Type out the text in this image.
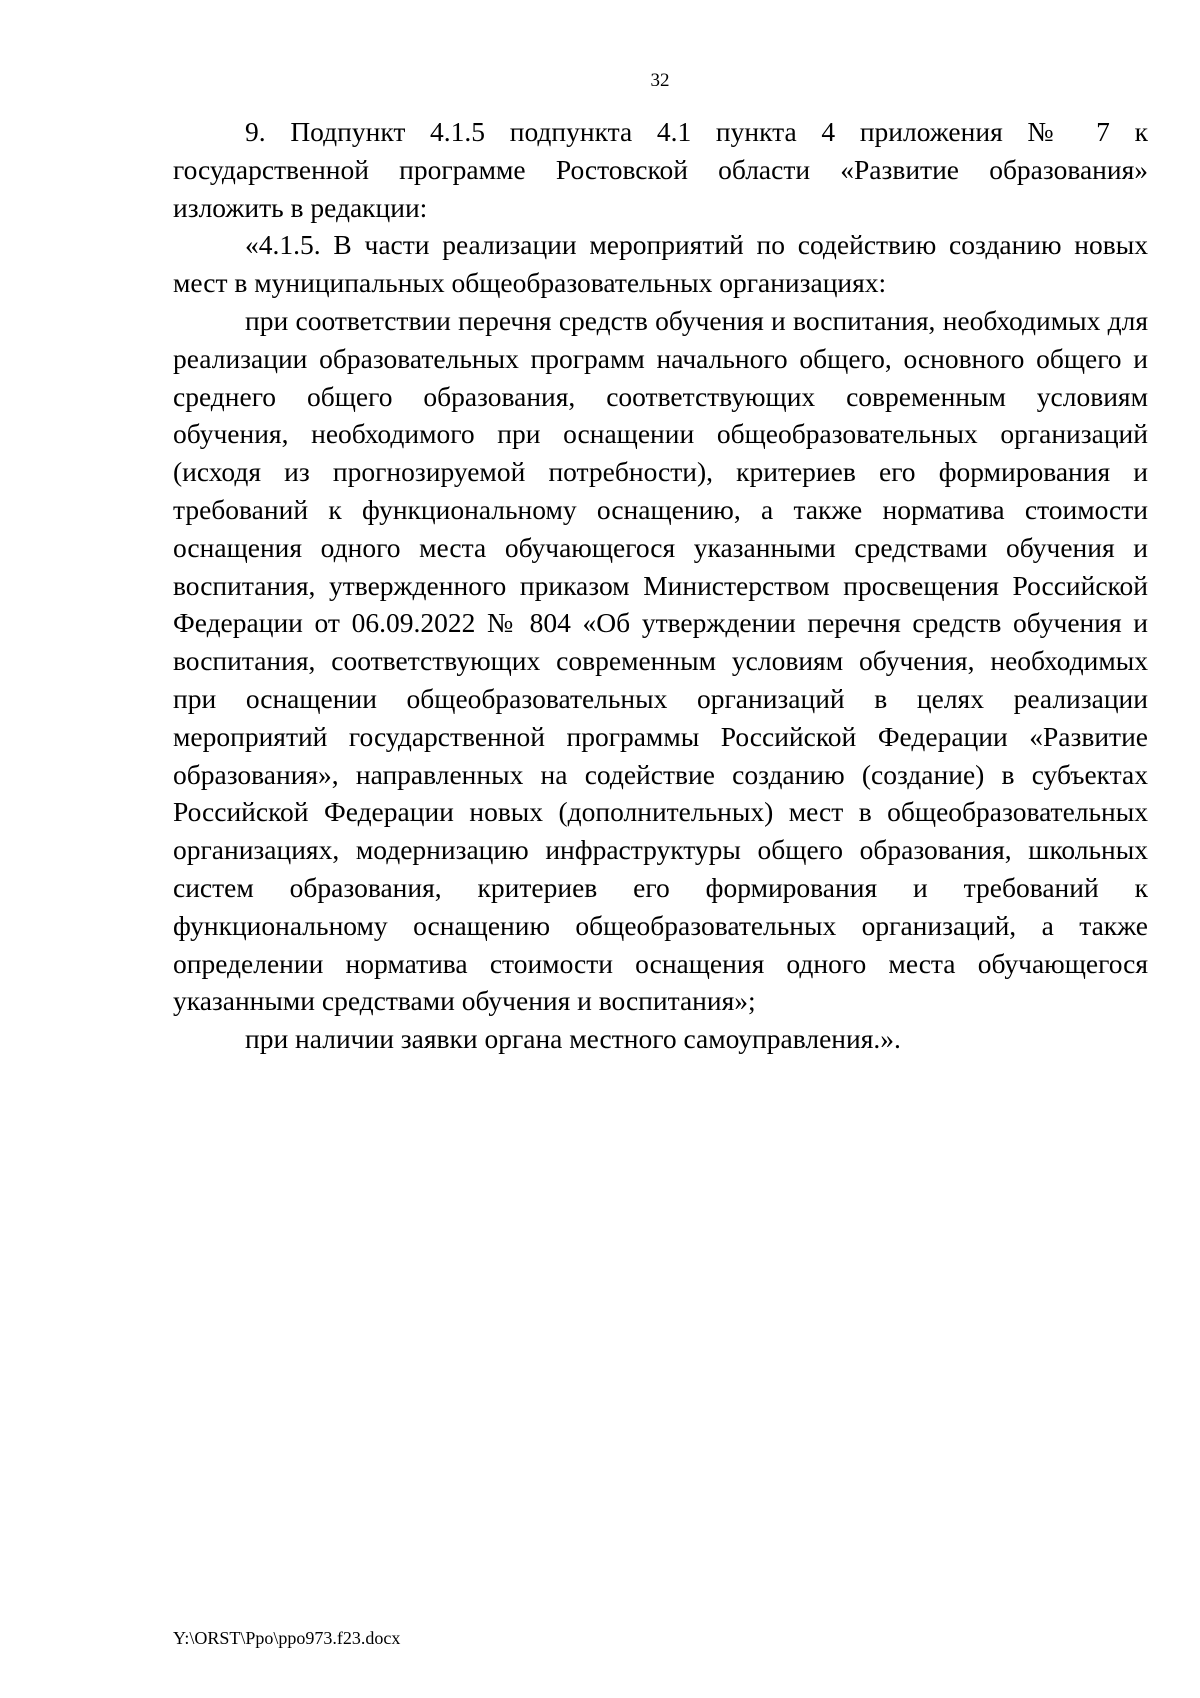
32

9. Подпункт 4.1.5 подпункта 4.1 пункта 4 приложения № 7 к государственной программе Ростовской области «Развитие образования» изложить в редакции:

«4.1.5. В части реализации мероприятий по содействию созданию новых мест в муниципальных общеобразовательных организациях:

при соответствии перечня средств обучения и воспитания, необходимых для реализации образовательных программ начального общего, основного общего и среднего общего образования, соответствующих современным условиям обучения, необходимого при оснащении общеобразовательных организаций (исходя из прогнозируемой потребности), критериев его формирования и требований к функциональному оснащению, а также норматива стоимости оснащения одного места обучающегося указанными средствами обучения и воспитания, утвержденного приказом Министерством просвещения Российской Федерации от 06.09.2022 № 804 «Об утверждении перечня средств обучения и воспитания, соответствующих современным условиям обучения, необходимых при оснащении общеобразовательных организаций в целях реализации мероприятий государственной программы Российской Федерации «Развитие образования», направленных на содействие созданию (создание) в субъектах Российской Федерации новых (дополнительных) мест в общеобразовательных организациях, модернизацию инфраструктуры общего образования, школьных систем образования, критериев его формирования и требований к функциональному оснащению общеобразовательных организаций, а также определении норматива стоимости оснащения одного места обучающегося указанными средствами обучения и воспитания»;

при наличии заявки органа местного самоуправления.».

Y:\ORST\Ppo\ppo973.f23.docx
